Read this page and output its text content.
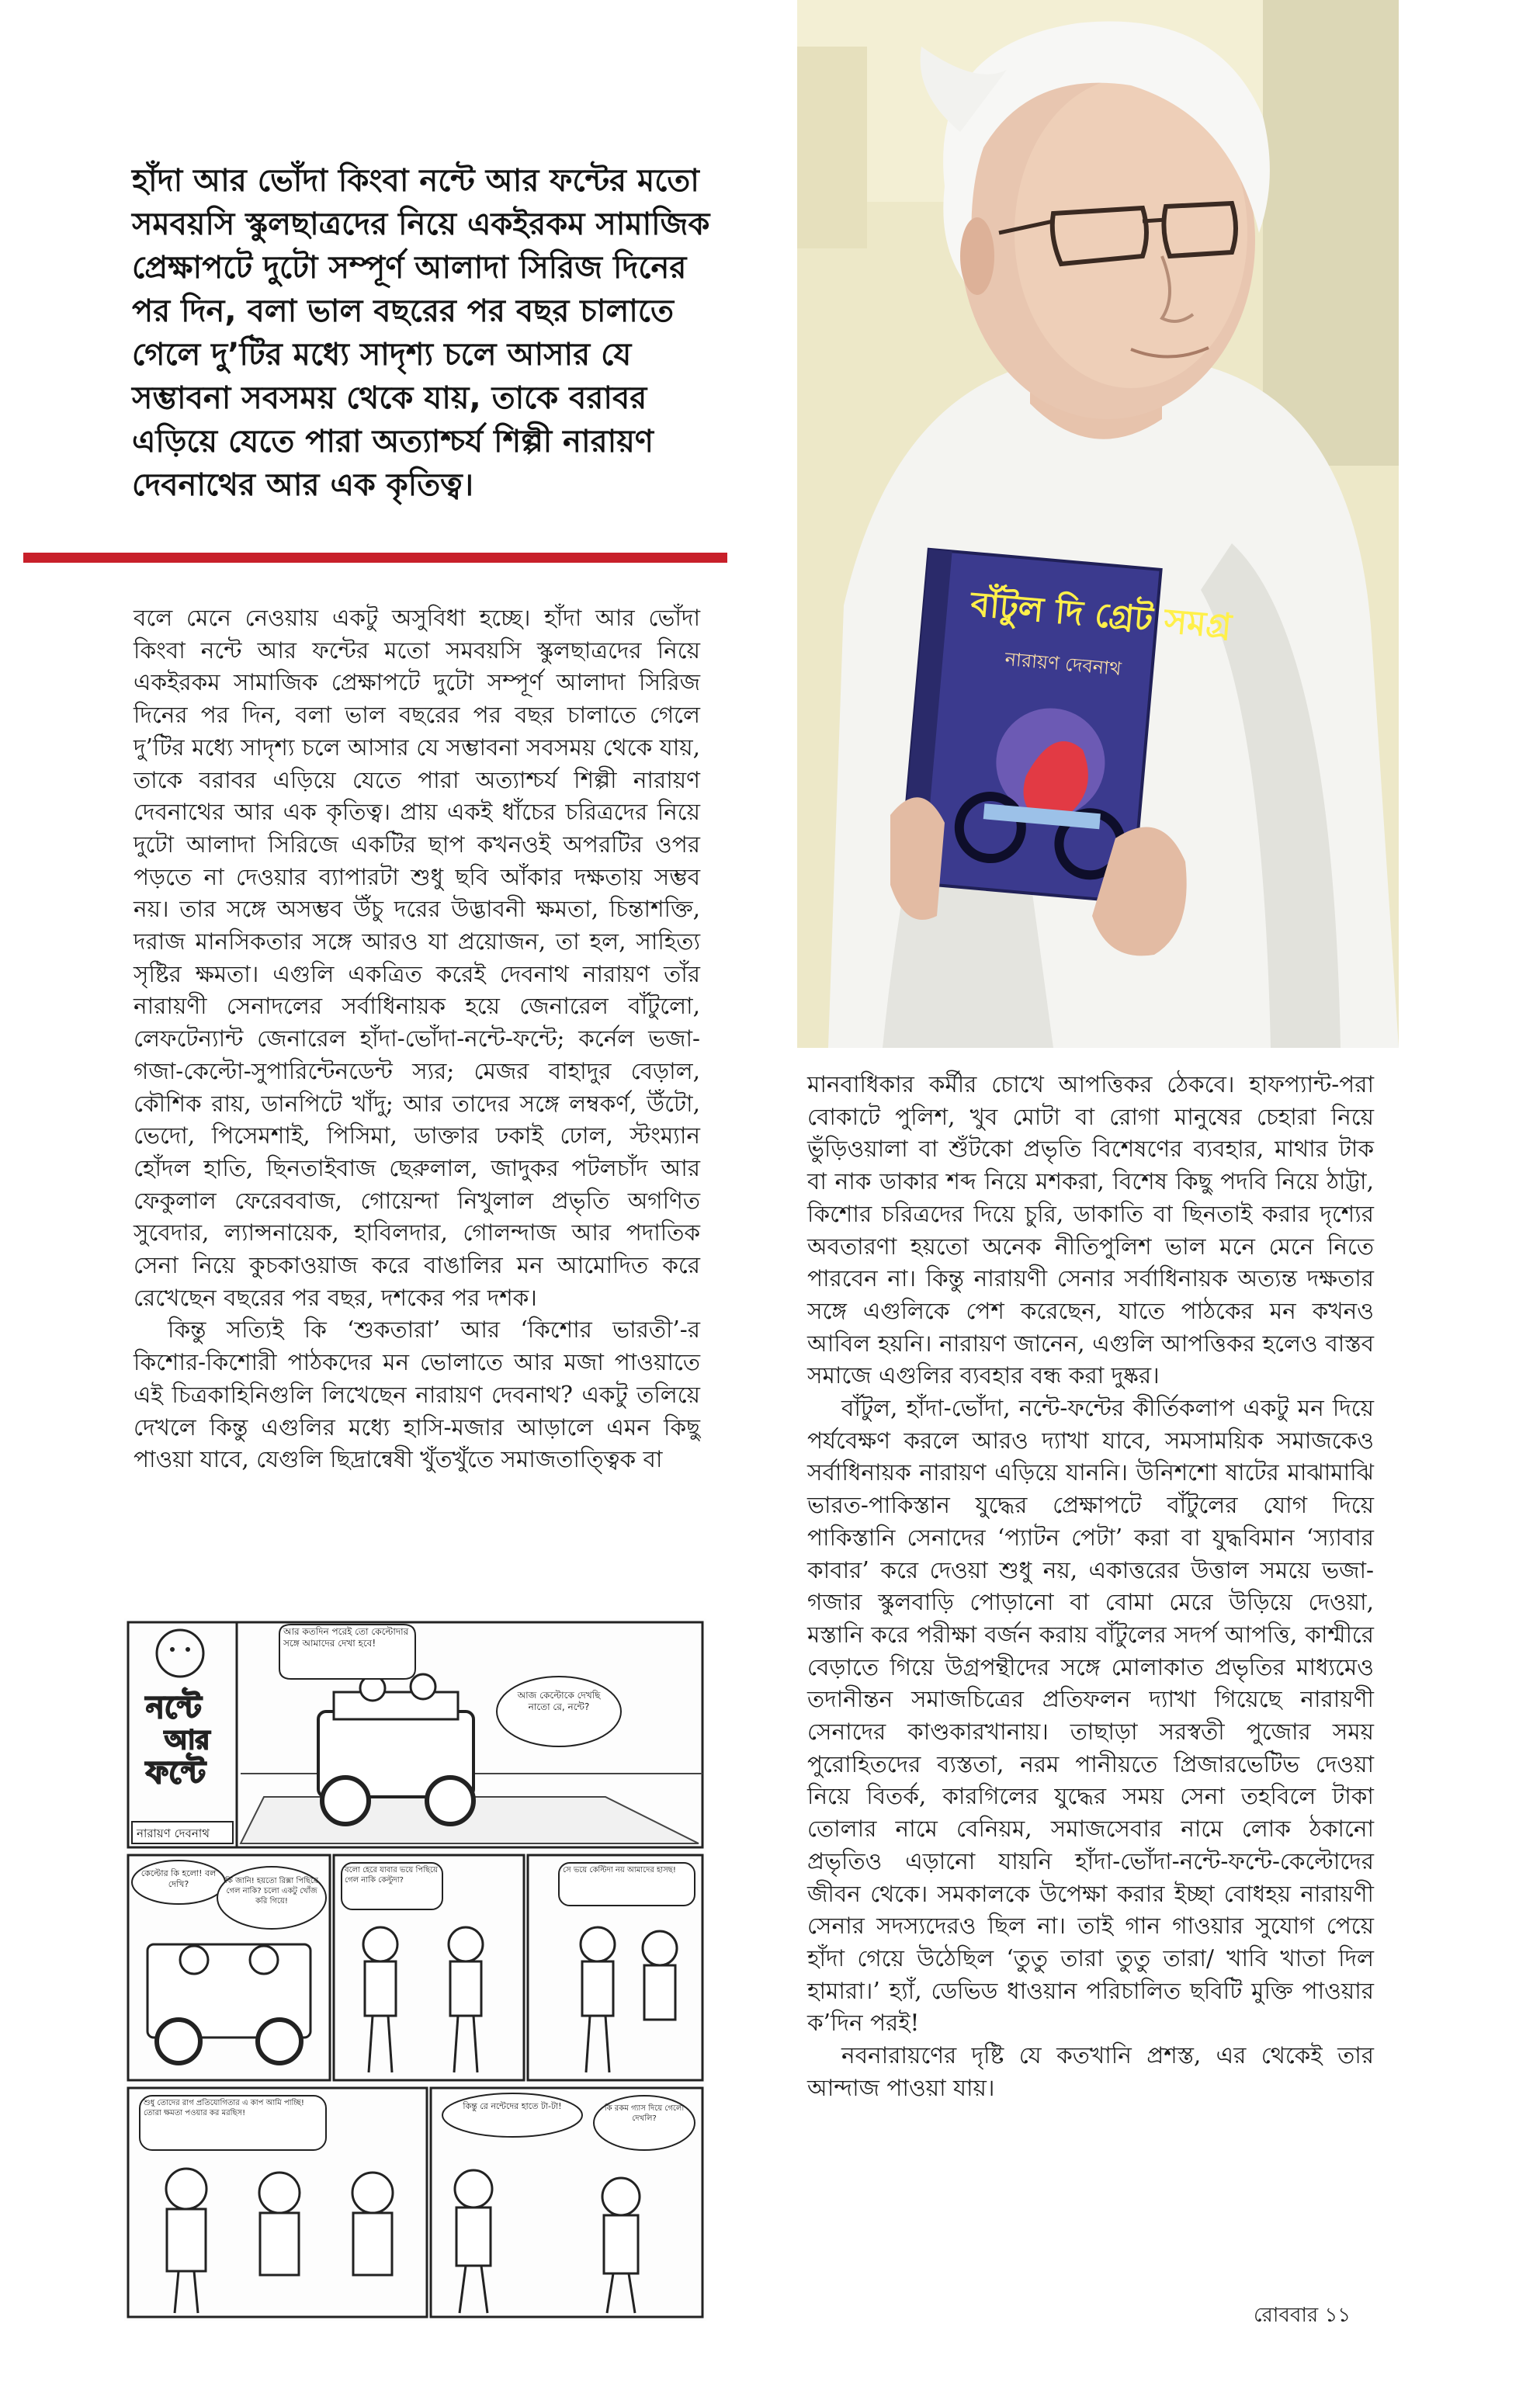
হাঁদা আর ভোঁদা কিংবা নন্টে আর ফন্টের মতো সমবয়সি স্কুলছাত্রদের নিয়ে একইরকম সামাজিক প্রেক্ষাপটে দুটো সম্পূর্ণ আলাদা সিরিজ দিনের পর দিন, বলা ভাল বছরের পর বছর চালাতে গেলে দু’টির মধ্যে সাদৃশ্য চলে আসার যে সম্ভাবনা সবসময় থেকে যায়, তাকে বরাবর এড়িয়ে যেতে পারা অত্যাশ্চর্য শিল্পী নারায়ণ দেবনাথের আর এক কৃতিত্ব।
বাঁটুল দি গ্রেট সমগ্র
নারায়ণ দেবনাথ

বলে মেনে নেওয়ায় একটু অসুবিধা হচ্ছে। হাঁদা আর ভোঁদা কিংবা নন্টে আর ফন্টের মতো সমবয়সি স্কুলছাত্রদের নিয়ে একইরকম সামাজিক প্রেক্ষাপটে দুটো সম্পূর্ণ আলাদা সিরিজ দিনের পর দিন, বলা ভাল বছরের পর বছর চালাতে গেলে দু’টির মধ্যে সাদৃশ্য চলে আসার যে সম্ভাবনা সবসময় থেকে যায়, তাকে বরাবর এড়িয়ে যেতে পারা অত্যাশ্চর্য শিল্পী নারায়ণ দেবনাথের আর এক কৃতিত্ব। প্রায় একই ধাঁচের চরিত্রদের নিয়ে দুটো আলাদা সিরিজে একটির ছাপ কখনওই অপরটির ওপর পড়তে না দেওয়ার ব্যাপারটা শুধু ছবি আঁকার দক্ষতায় সম্ভব নয়। তার সঙ্গে অসম্ভব উঁচু দরের উদ্ভাবনী ক্ষমতা, চিন্তাশক্তি, দরাজ মানসিকতার সঙ্গে আরও যা প্রয়োজন, তা হল, সাহিত্য সৃষ্টির ক্ষমতা। এগুলি একত্রিত করেই দেবনাথ নারায়ণ তাঁর নারায়ণী সেনাদলের সর্বাধিনায়ক হয়ে জেনারেল বাঁটুলো, লেফটেন্যান্ট জেনারেল হাঁদা-ভোঁদা-নন্টে-ফন্টে; কর্নেল ভজা-গজা-কেল্টো-সুপারিন্টেনডেন্ট স্যর; মেজর বাহাদুর বেড়াল, কৌশিক রায়, ডানপিটে খাঁদু; আর তাদের সঙ্গে লম্বকর্ণ, উঁটো, ভেদো, পিসেমশাই, পিসিমা, ডাক্তার ঢকাই ঢোল, স্টংম্যান হোঁদল হাতি, ছিনতাইবাজ ছেরুলাল, জাদুকর পটলচাঁদ আর ফেকুলাল ফেরেববাজ, গোয়েন্দা নিখুলাল প্রভৃতি অগণিত সুবেদার, ল্যান্সনায়েক, হাবিলদার, গোলন্দাজ আর পদাতিক সেনা নিয়ে কুচকাওয়াজ করে বাঙালির মন আমোদিত করে রেখেছেন বছরের পর বছর, দশকের পর দশক।

কিন্তু সত্যিই কি ‘শুকতারা’ আর ‘কিশোর ভারতী’-র কিশোর-কিশোরী পাঠকদের মন ভোলাতে আর মজা পাওয়াতে এই চিত্রকাহিনিগুলি লিখেছেন নারায়ণ দেবনাথ? একটু তলিয়ে দেখলে কিন্তু এগুলির মধ্যে হাসি-মজার আড়ালে এমন কিছু পাওয়া যাবে, যেগুলি ছিদ্রান্বেষী খুঁতখুঁতে সমাজতাত্ত্বিক বা

মানবাধিকার কর্মীর চোখে আপত্তিকর ঠেকবে। হাফপ্যান্ট-পরা বোকাটে পুলিশ, খুব মোটা বা রোগা মানুষের চেহারা নিয়ে ভুঁড়িওয়ালা বা শুঁটকো প্রভৃতি বিশেষণের ব্যবহার, মাথার টাক বা নাক ডাকার শব্দ নিয়ে মশকরা, বিশেষ কিছু পদবি নিয়ে ঠাট্টা, কিশোর চরিত্রদের দিয়ে চুরি, ডাকাতি বা ছিনতাই করার দৃশ্যের অবতারণা হয়তো অনেক নীতিপুলিশ ভাল মনে মেনে নিতে পারবেন না। কিন্তু নারায়ণী সেনার সর্বাধিনায়ক অত্যন্ত দক্ষতার সঙ্গে এগুলিকে পেশ করেছেন, যাতে পাঠকের মন কখনও আবিল হয়নি। নারায়ণ জানেন, এগুলি আপত্তিকর হলেও বাস্তব সমাজে এগুলির ব্যবহার বন্ধ করা দুষ্কর।

বাঁটুল, হাঁদা-ভোঁদা, নন্টে-ফন্টের কীর্তিকলাপ একটু মন দিয়ে পর্যবেক্ষণ করলে আরও দ্যাখা যাবে, সমসাময়িক সমাজকেও সর্বাধিনায়ক নারায়ণ এড়িয়ে যাননি। উনিশশো ষাটের মাঝামাঝি ভারত-পাকিস্তান যুদ্ধের প্রেক্ষাপটে বাঁটুলের যোগ দিয়ে পাকিস্তানি সেনাদের ‘প্যাটন পেটা’ করা বা যুদ্ধবিমান ‘স্যাবার কাবার’ করে দেওয়া শুধু নয়, একাত্তরের উত্তাল সময়ে ভজা-গজার স্কুলবাড়ি পোড়ানো বা বোমা মেরে উড়িয়ে দেওয়া, মস্তানি করে পরীক্ষা বর্জন করায় বাঁটুলের সদর্প আপত্তি, কাশ্মীরে বেড়াতে গিয়ে উগ্রপন্থীদের সঙ্গে মোলাকাত প্রভৃতির মাধ্যমেও তদানীন্তন সমাজচিত্রের প্রতিফলন দ্যাখা গিয়েছে নারায়ণী সেনাদের কাণ্ডকারখানায়। তাছাড়া সরস্বতী পুজোর সময় পুরোহিতদের ব্যস্ততা, নরম পানীয়তে প্রিজারভেটিভ দেওয়া নিয়ে বিতর্ক, কারগিলের যুদ্ধের সময় সেনা তহবিলে টাকা তোলার নামে বেনিয়ম, সমাজসেবার নামে লোক ঠকানো প্রভৃতিও এড়ানো যায়নি হাঁদা-ভোঁদা-নন্টে-ফন্টে-কেল্টোদের জীবন থেকে। সমকালকে উপেক্ষা করার ইচ্ছা বোধহয় নারায়ণী সেনার সদস্যদেরও ছিল না। তাই গান গাওয়ার সুযোগ পেয়ে হাঁদা গেয়ে উঠেছিল ‘তুতু তারা তুতু তারা/ খাবি খাতা দিল হামারা।’ হ্যাঁ, ডেভিড ধাওয়ান পরিচালিত ছবিটি মুক্তি পাওয়ার ক’দিন পরই!

নবনারায়ণের দৃষ্টি যে কতখানি প্রশস্ত, এর থেকেই তার আন্দাজ পাওয়া যায়।

নন্টে
আর
ফন্টে
নারায়ণ দেবনাথ
আর কতদিন পরেই তো কেল্টোদার সঙ্গে আমাদের দেখা হবে!
আজ কেল্টোকে দেখছি নাতো রে, নন্টে?
কেল্টোর কি হলো! বল দেখি?	কি জানি! হয়তো রিক্সা পিছিয়ে গেল নাকি? চলো একটু খোঁজ করি গিয়ে!
বলো হেরে যাবার ভয়ে পিছিয়ে গেল নাকি কেল্টুদা?
সে ভয়ে কেল্টিদা নয় আমাদের হাসছ!
শুধু তোদের রাগ প্রতিযোগিতার এ কাপ আমি পাচ্ছি! তোরা ক্ষমতা পওয়ার কর মরছিস!
কিন্তু রে নন্টেদের হাতে টা-টা!	কি রকম গ্যাস দিয়ে গেলো দেখলি?
রোববার ১১
